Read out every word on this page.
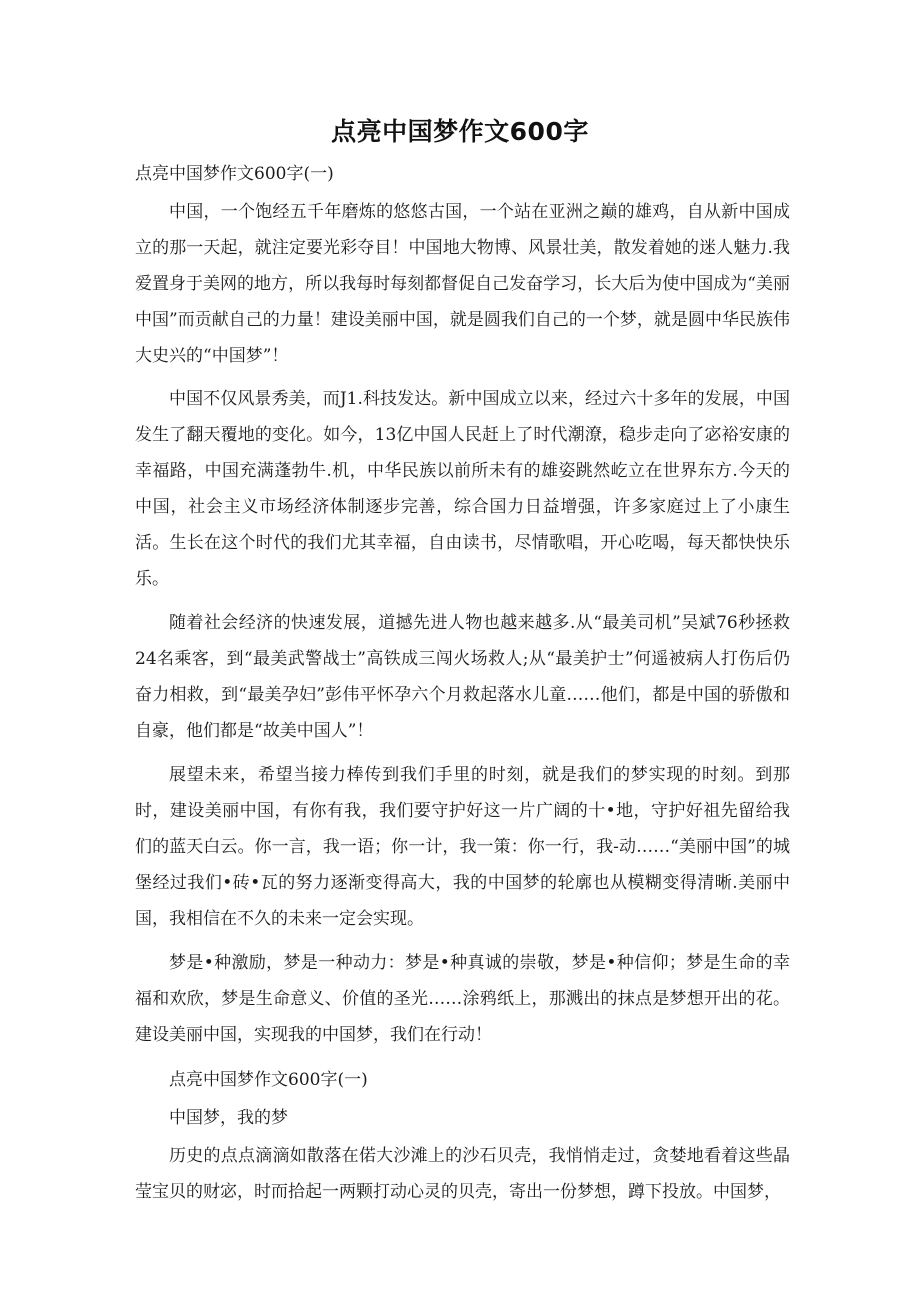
点亮中国梦作文600字

点亮中国梦作文600字(一)

中国，一个饱经五千年磨炼的悠悠古国，一个站在亚洲之巅的雄鸡，自从新中国成立的那一天起，就注定要光彩夺目！中国地大物博、风景壮美，散发着她的迷人魅力.我爱置身于美网的地方，所以我每时每刻都督促自己发奋学习，长大后为使中国成为“美丽中国”而贡献自己的力量！建设美丽中国，就是圆我们自己的一个梦，就是圆中华民族伟大史兴的“中国梦”！

中国不仅风景秀美，而J1.科技发达。新中国成立以来，经过六十多年的发展，中国发生了翻天覆地的变化。如今，13亿中国人民赶上了时代潮潦，稳步走向了宓裕安康的幸福路，中国充满蓬勃牛.机，中华民族以前所未有的雄姿跳然屹立在世界东方.今天的中国，社会主义市场经济体制逐步完善，综合国力日益增强，许多家庭过上了小康生活。生长在这个时代的我们尤其幸福，自由读书，尽情歌唱，开心吃喝，每天都快快乐乐。

随着社会经济的快速发展，道撼先进人物也越来越多.从“最美司机”吴斌76秒拯救24名乘客，到“最美武警战士”高铁成三闯火场救人;从“最美护士”何遥被病人打伤后仍奋力相救，到“最美孕妇”彭伟平怀孕六个月救起落水儿童……他们，都是中国的骄傲和自豪，他们都是“故美中国人”！

展望未来，希望当接力棒传到我们手里的时刻，就是我们的梦实现的时刻。到那时，建设美丽中国，有你有我，我们要守护好这一片广阔的十•地，守护好祖先留给我们的蓝天白云。你一言，我一语；你一计，我一策：你一行，我-动……“美丽中国”的城堡经过我们•砖•瓦的努力逐渐变得高大，我的中国梦的轮廓也从模糊变得清晰.美丽中国，我相信在不久的未来一定会实现。

梦是•种激励，梦是一种动力：梦是•种真诚的崇敬，梦是•种信仰；梦是生命的幸福和欢欣，梦是生命意义、价值的圣光……涂鸦纸上，那溅出的抹点是梦想开出的花。建设美丽中国，实现我的中国梦，我们在行动！

点亮中国梦作文600字(一)

中国梦，我的梦

历史的点点滴滴如散落在偌大沙滩上的沙石贝壳，我悄悄走过，贪婪地看着这些晶莹宝贝的财宓，时而拾起一两颗打动心灵的贝壳，寄出一份梦想，蹲下投放。中国梦，
